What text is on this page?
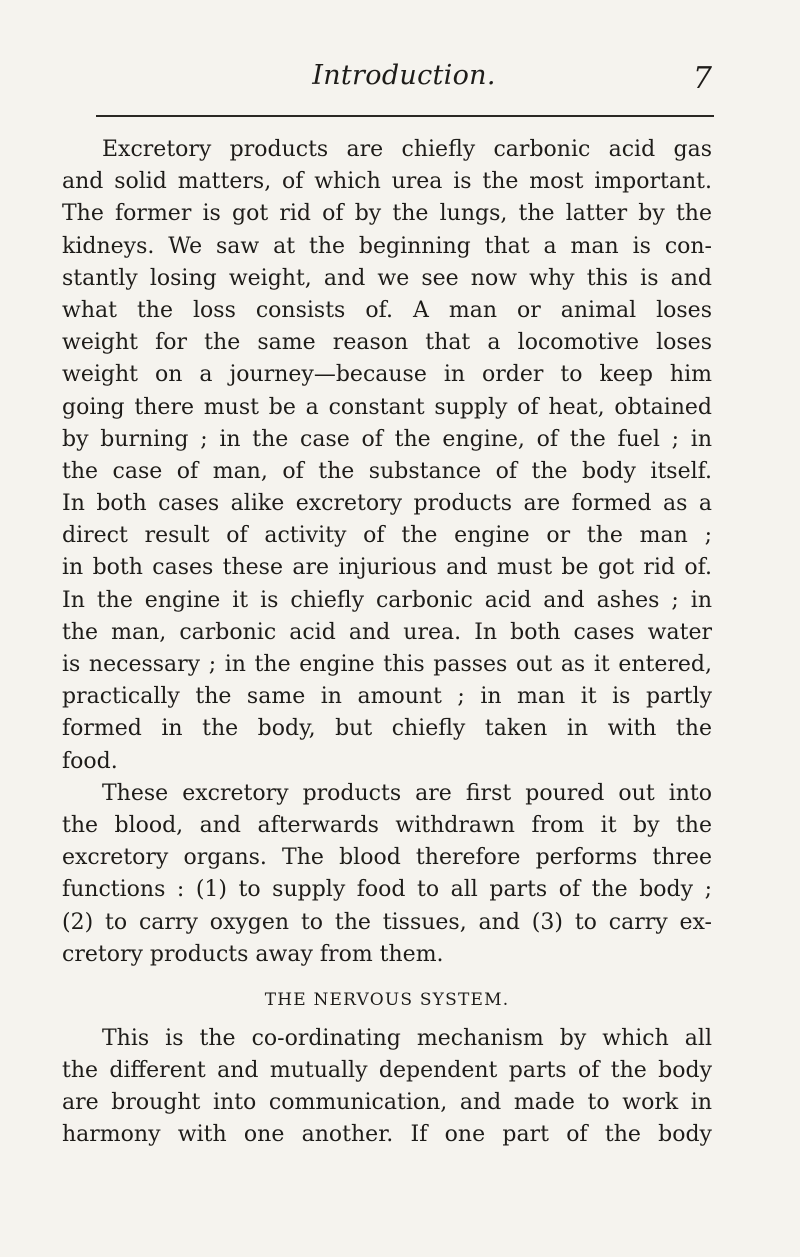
Introduction.	7
Excretory products are chiefly carbonic acid gas
and solid matters, of which urea is the most important.
The former is got rid of by the lungs, the latter by the
kidneys. We saw at the beginning that a man is con-
stantly losing weight, and we see now why this is and
what the loss consists of. A man or animal loses
weight for the same reason that a locomotive loses
weight on a journey—because in order to keep him
going there must be a constant supply of heat, obtained
by burning ; in the case of the engine, of the fuel ; in
the case of man, of the substance of the body itself.
In both cases alike excretory products are formed as a
direct result of activity of the engine or the man ;
in both cases these are injurious and must be got rid of.
In the engine it is chiefly carbonic acid and ashes ; in
the man, carbonic acid and urea. In both cases water
is necessary ; in the engine this passes out as it entered,
practically the same in amount ; in man it is partly
formed in the body, but chiefly taken in with the
food.
These excretory products are first poured out into
the blood, and afterwards withdrawn from it by the
excretory organs. The blood therefore performs three
functions : (1) to supply food to all parts of the body ;
(2) to carry oxygen to the tissues, and (3) to carry ex-
cretory products away from them.
THE NERVOUS SYSTEM.
This is the co-ordinating mechanism by which all
the different and mutually dependent parts of the body
are brought into communication, and made to work in
harmony with one another. If one part of the body
